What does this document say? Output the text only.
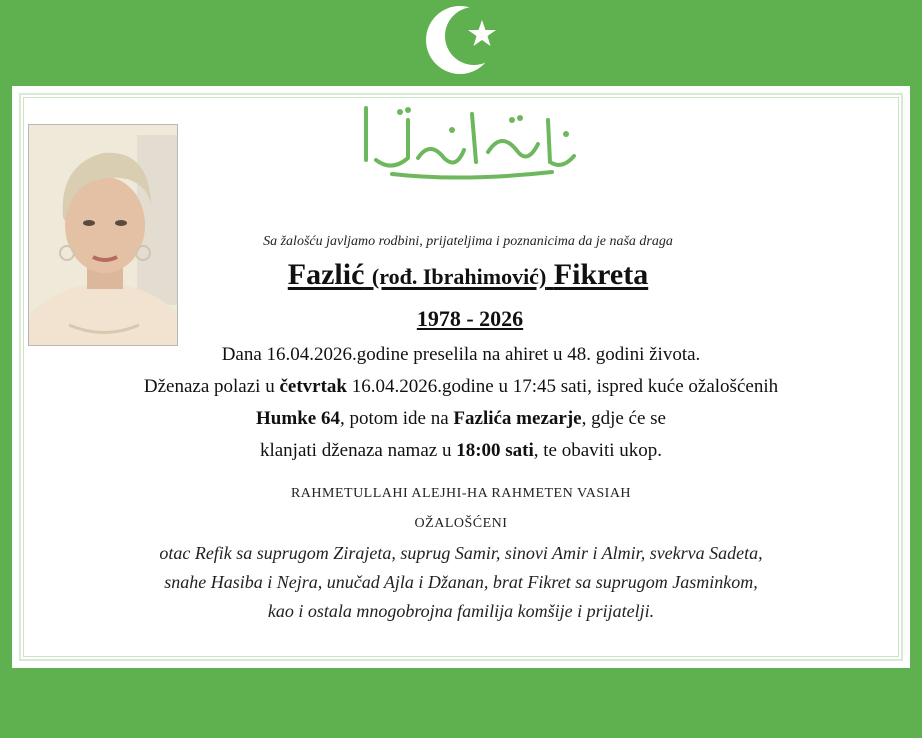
Sa žalošću javljamo rodbini, prijateljima i poznanicima da je naša draga
Fazlić (rođ. Ibrahimović) Fikreta
1978 - 2026
Dana 16.04.2026.godine preselila na ahiret u 48. godini života.
Dženaza polazi u četvrtak 16.04.2026.godine u 17:45 sati, ispred kuće ožalošćenih
Humke 64, potom ide na Fazlića mezarje, gdje će se
klanjati dženaza namaz u 18:00 sati, te obaviti ukop.
RAHMETULLAHI ALEJHI-HA RAHMETEN VASIAH
OŽALOŠĆENI
otac Refik sa suprugom Zirajeta, suprug Samir, sinovi Amir i Almir, svekrva Sadeta,
snahe Hasiba i Nejra, unučad Ajla i Džanan, brat Fikret sa suprugom Jasminkom,
kao i ostala mnogobrojna familija komšije i prijatelji.
